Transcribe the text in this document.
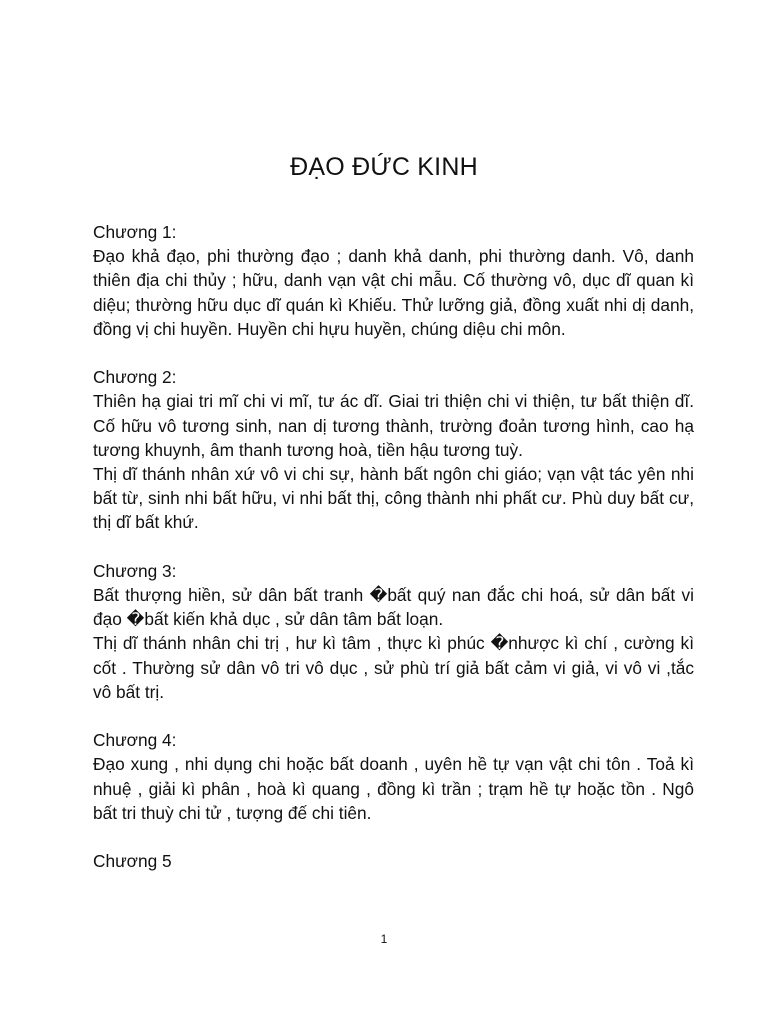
ĐẠO ĐỨC KINH
Chương 1:
Đạo khả đạo, phi thường đạo ; danh khả danh, phi thường danh. Vô, danh thiên địa chi thủy ; hữu, danh vạn vật chi mẫu. Cố thường vô, dục dĩ quan kì diệu; thường hữu dục dĩ quán kì Khiếu. Thử lưỡng giả, đồng xuất nhi dị danh, đồng vị chi huyền. Huyền chi hựu huyền, chúng diệu chi môn.
Chương 2:
Thiên hạ giai tri mĩ chi vi mĩ, tư ác dĩ. Giai tri thiện chi vi thiện, tư bất thiện dĩ. Cố hữu vô tương sinh, nan dị tương thành, trường đoản tương hình, cao hạ tương khuynh, âm thanh tương hoà, tiền hậu tương tuỳ.
Thị dĩ thánh nhân xứ vô vi chi sự, hành bất ngôn chi giáo; vạn vật tác yên nhi bất từ, sinh nhi bất hữu, vi nhi bất thị, công thành nhi phất cư. Phù duy bất cư, thị dĩ bất khứ.
Chương 3:
Bất thượng hiền, sử dân bất tranh �bất quý nan đắc chi hoá, sử dân bất vi đạo �bất kiến khả dục , sử dân tâm bất loạn.
Thị dĩ thánh nhân chi trị , hư kì tâm , thực kì phúc �nhược kì chí , cường kì cốt . Thường sử dân vô tri vô dục , sử phù trí giả bất cảm vi giả, vi vô vi ,tắc vô bất trị.
Chương 4:
Đạo xung , nhi dụng chi hoặc bất doanh , uyên hề tự vạn vật chi tôn . Toả kì nhuệ , giải kì phân , hoà kì quang , đồng kì trần ; trạm hề tự hoặc tồn . Ngô bất tri thuỳ chi tử , tượng đế chi tiên.
Chương 5
1
